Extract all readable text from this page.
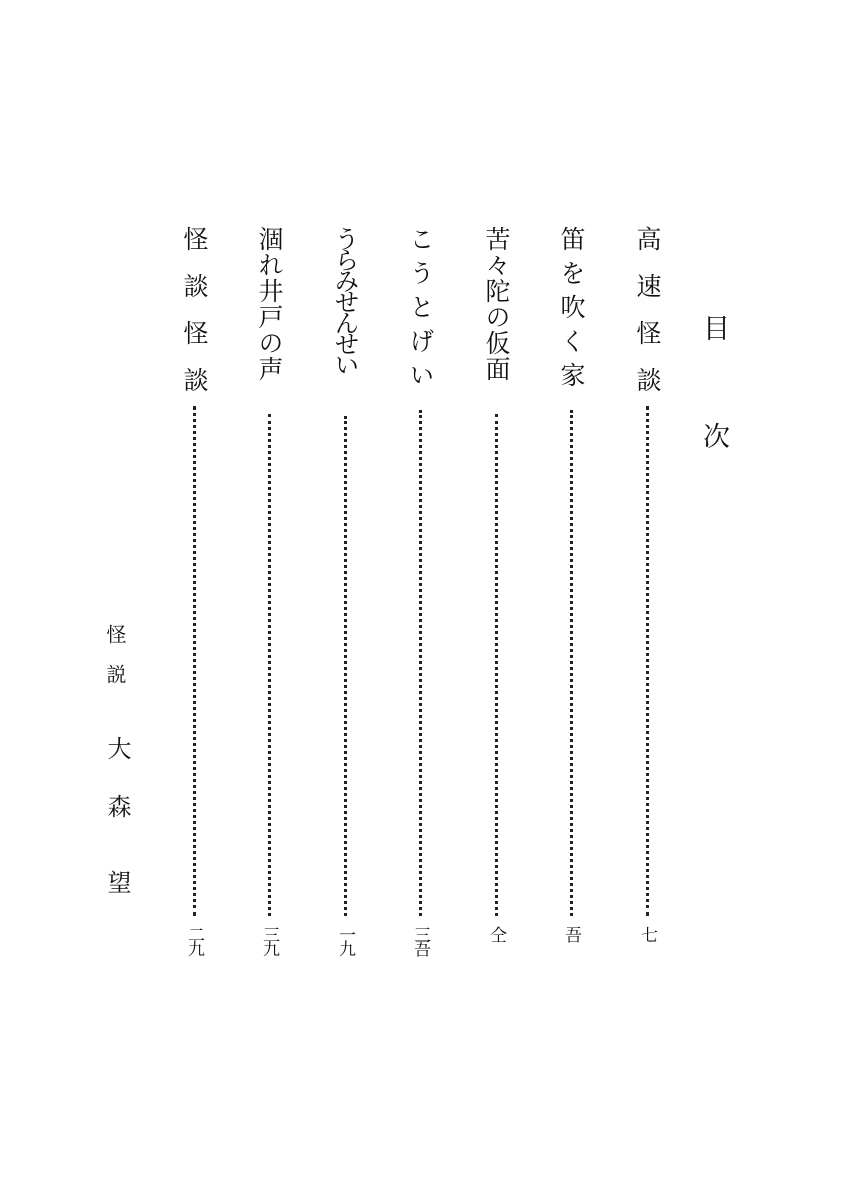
目
次
高速怪談
七
笛を吹く家
吾
苦々陀の仮面
仝
こうとげい
三吾
うらみせんせい
一九
涸れ井戸の声
三九
怪談怪談
二九
怪説
大森
望
